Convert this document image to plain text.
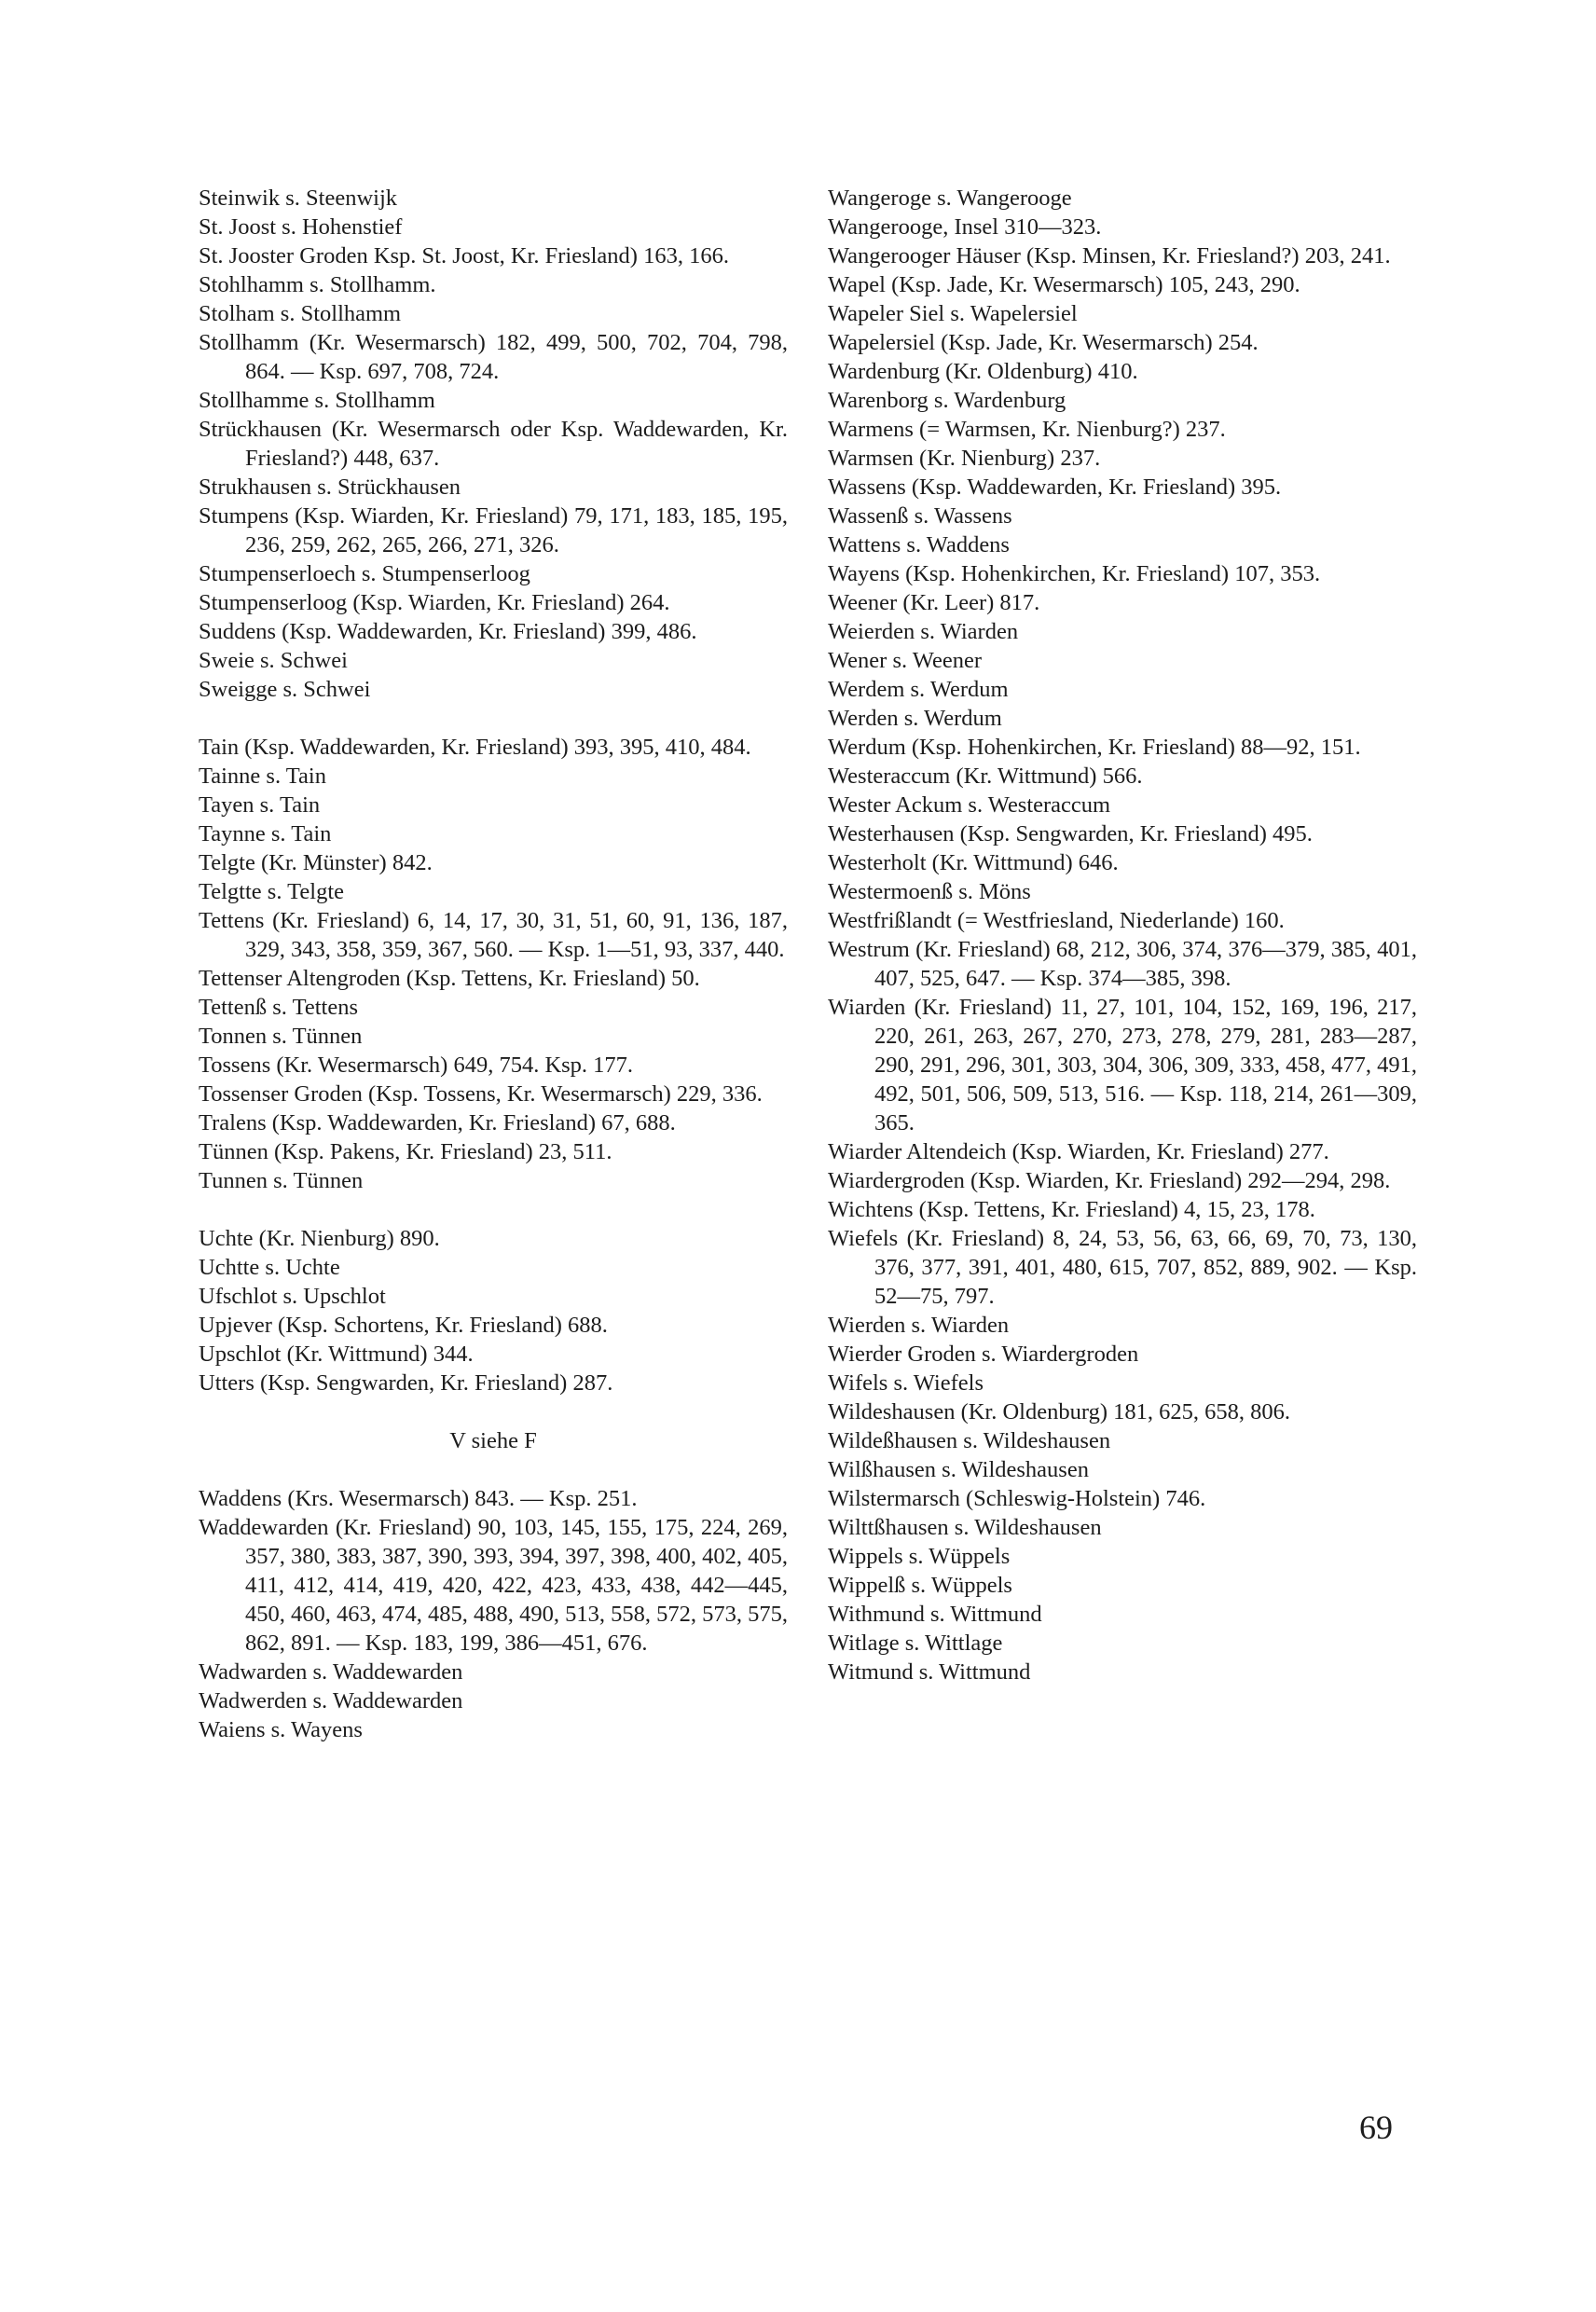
Steinwik s. Steenwijk
St. Joost s. Hohenstief
St. Jooster Groden Ksp. St. Joost, Kr. Friesland) 163, 166.
Stohlhamm s. Stollhamm.
Stolham s. Stollhamm
Stollhamm (Kr. Wesermarsch) 182, 499, 500, 702, 704, 798, 864. — Ksp. 697, 708, 724.
Stollhamme s. Stollhamm
Strückhausen (Kr. Wesermarsch oder Ksp. Waddewarden, Kr. Friesland?) 448, 637.
Strukhausen s. Strückhausen
Stumpens (Ksp. Wiarden, Kr. Friesland) 79, 171, 183, 185, 195, 236, 259, 262, 265, 266, 271, 326.
Stumpenserloech s. Stumpenserloog
Stumpenserloog (Ksp. Wiarden, Kr. Friesland) 264.
Suddens (Ksp. Waddewarden, Kr. Friesland) 399, 486.
Sweie s. Schwei
Sweigge s. Schwei
Tain (Ksp. Waddewarden, Kr. Friesland) 393, 395, 410, 484.
Tainne s. Tain
Tayen s. Tain
Taynne s. Tain
Telgte (Kr. Münster) 842.
Telgtte s. Telgte
Tettens (Kr. Friesland) 6, 14, 17, 30, 31, 51, 60, 91, 136, 187, 329, 343, 358, 359, 367, 560. — Ksp. 1—51, 93, 337, 440.
Tettenser Altengroden (Ksp. Tettens, Kr. Friesland) 50.
Tettenß s. Tettens
Tonnen s. Tünnen
Tossens (Kr. Wesermarsch) 649, 754. Ksp. 177.
Tossenser Groden (Ksp. Tossens, Kr. Wesermarsch) 229, 336.
Tralens (Ksp. Waddewarden, Kr. Friesland) 67, 688.
Tünnen (Ksp. Pakens, Kr. Friesland) 23, 511.
Tunnen s. Tünnen
Uchte (Kr. Nienburg) 890.
Uchtte s. Uchte
Ufschlot s. Upschlot
Upjever (Ksp. Schortens, Kr. Friesland) 688.
Upschlot (Kr. Wittmund) 344.
Utters (Ksp. Sengwarden, Kr. Friesland) 287.
V siehe F
Waddens (Krs. Wesermarsch) 843. — Ksp. 251.
Waddewarden (Kr. Friesland) 90, 103, 145, 155, 175, 224, 269, 357, 380, 383, 387, 390, 393, 394, 397, 398, 400, 402, 405, 411, 412, 414, 419, 420, 422, 423, 433, 438, 442—445, 450, 460, 463, 474, 485, 488, 490, 513, 558, 572, 573, 575, 862, 891. — Ksp. 183, 199, 386—451, 676.
Wadwarden s. Waddewarden
Wadwerden s. Waddewarden
Waiens s. Wayens
Wangeroge s. Wangerooge
Wangerooge, Insel 310—323.
Wangerooger Häuser (Ksp. Minsen, Kr. Friesland?) 203, 241.
Wapel (Ksp. Jade, Kr. Wesermarsch) 105, 243, 290.
Wapeler Siel s. Wapelersiel
Wapelersiel (Ksp. Jade, Kr. Wesermarsch) 254.
Wardenburg (Kr. Oldenburg) 410.
Warenborg s. Wardenburg
Warmens (= Warmsen, Kr. Nienburg?) 237.
Warmsen (Kr. Nienburg) 237.
Wassens (Ksp. Waddewarden, Kr. Friesland) 395.
Wassenß s. Wassens
Wattens s. Waddens
Wayens (Ksp. Hohenkirchen, Kr. Friesland) 107, 353.
Weener (Kr. Leer) 817.
Weierden s. Wiarden
Wener s. Weener
Werdem s. Werdum
Werden s. Werdum
Werdum (Ksp. Hohenkirchen, Kr. Friesland) 88—92, 151.
Westeraccum (Kr. Wittmund) 566.
Wester Ackum s. Westeraccum
Westerhausen (Ksp. Sengwarden, Kr. Friesland) 495.
Westerholt (Kr. Wittmund) 646.
Westermoenß s. Möns
Westfrißlandt (= Westfriesland, Niederlande) 160.
Westrum (Kr. Friesland) 68, 212, 306, 374, 376—379, 385, 401, 407, 525, 647. — Ksp. 374—385, 398.
Wiarden (Kr. Friesland) 11, 27, 101, 104, 152, 169, 196, 217, 220, 261, 263, 267, 270, 273, 278, 279, 281, 283—287, 290, 291, 296, 301, 303, 304, 306, 309, 333, 458, 477, 491, 492, 501, 506, 509, 513, 516. — Ksp. 118, 214, 261—309, 365.
Wiarder Altendeich (Ksp. Wiarden, Kr. Friesland) 277.
Wiardergroden (Ksp. Wiarden, Kr. Friesland) 292—294, 298.
Wichtens (Ksp. Tettens, Kr. Friesland) 4, 15, 23, 178.
Wiefels (Kr. Friesland) 8, 24, 53, 56, 63, 66, 69, 70, 73, 130, 376, 377, 391, 401, 480, 615, 707, 852, 889, 902. — Ksp. 52—75, 797.
Wierden s. Wiarden
Wierder Groden s. Wiardergroden
Wifels s. Wiefels
Wildeshausen (Kr. Oldenburg) 181, 625, 658, 806.
Wildeßhausen s. Wildeshausen
Wilßhausen s. Wildeshausen
Wilstermarsch (Schleswig-Holstein) 746.
Wilttßhausen s. Wildeshausen
Wippels s. Wüppels
Wippelß s. Wüppels
Withmund s. Wittmund
Witlage s. Wittlage
Witmund s. Wittmund
69
